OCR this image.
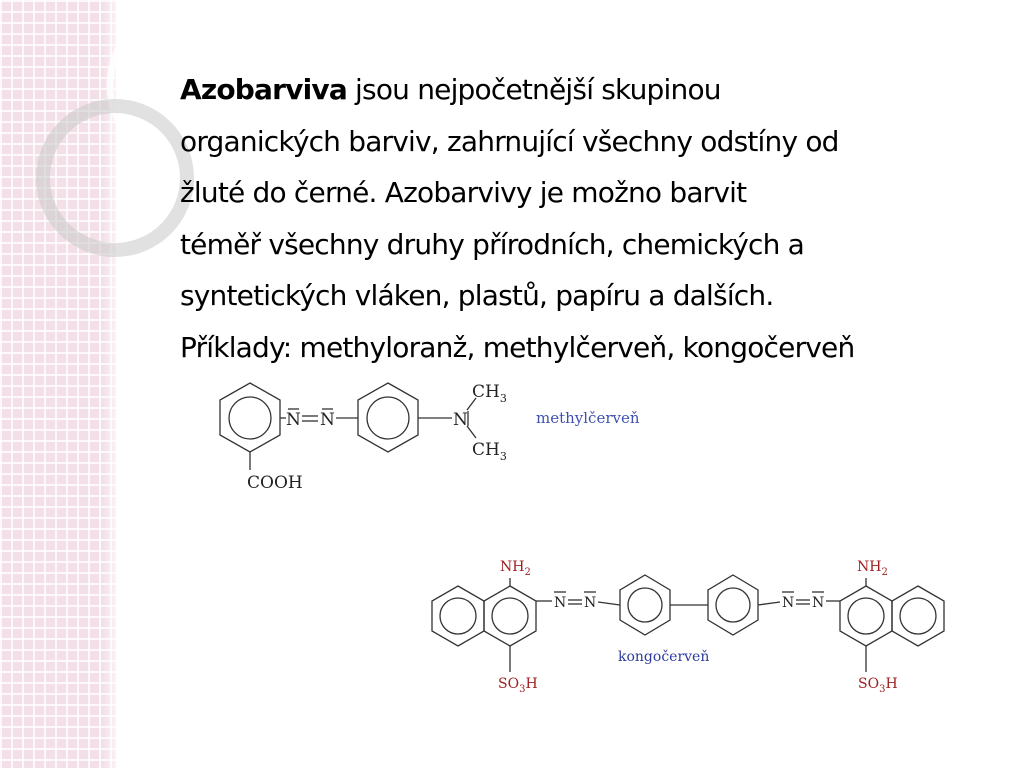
Azobarviva jsou nejpočetnější skupinou
organických barviv, zahrnující všechny odstíny od
žluté do černé. Azobarvivy je možno barvit
téměř všechny druhy přírodních, chemických a
syntetických vláken, plastů, papíru a dalších.
Příklady: methyloranž, methylčerveň, kongočerveň

N N	N
$CH_3$
$CH_3$
COOH
methylčerveň
$NH_2$	$NH_2$
$SO_3H$	$SO_3H$
N N	N N
kongočerveň
